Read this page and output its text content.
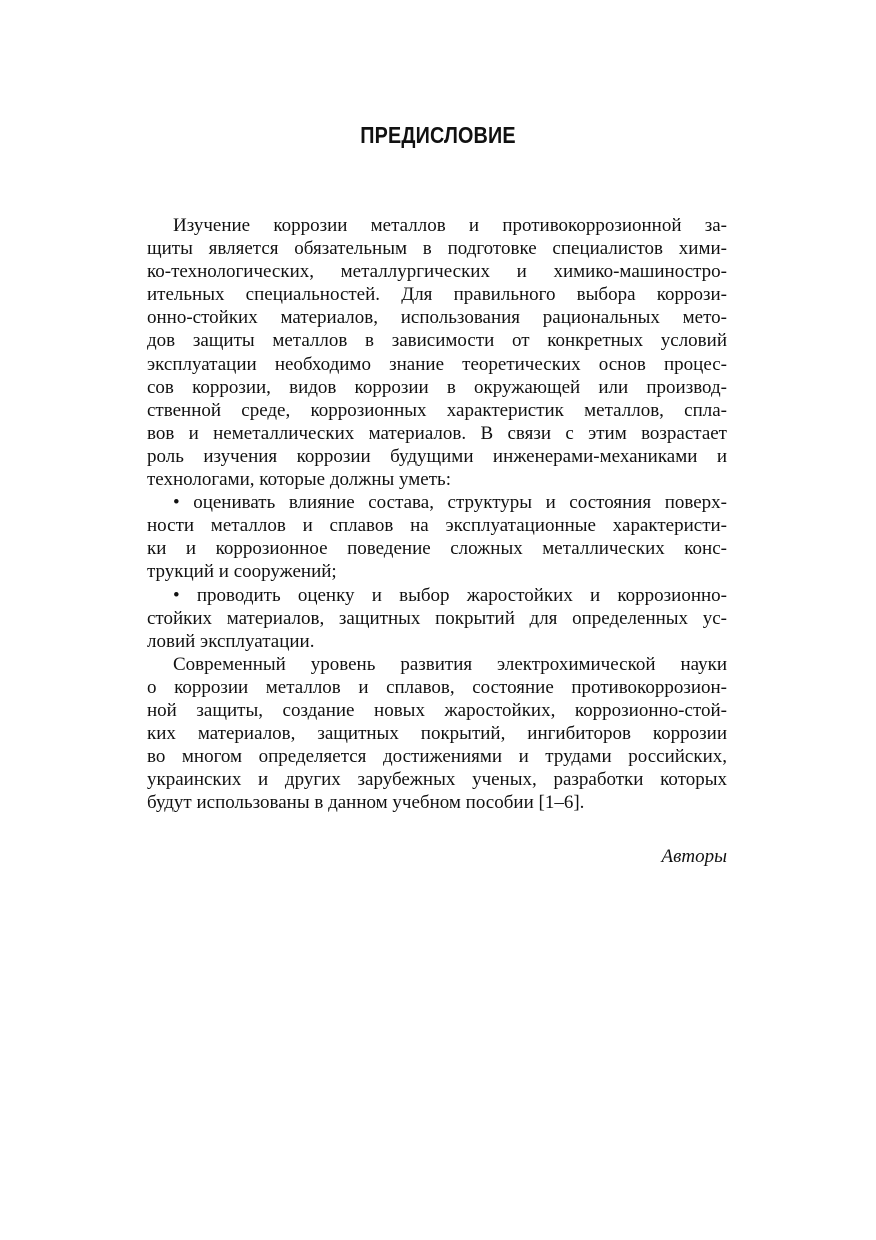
ПРЕДИСЛОВИЕ
Изучение коррозии металлов и противокоррозионной за-
щиты является обязательным в подготовке специалистов хими-
ко-технологических, металлургических и химико-машиностро-
ительных специальностей. Для правильного выбора коррози-
онно-стойких материалов, использования рациональных мето-
дов защиты металлов в зависимости от конкретных условий
эксплуатации необходимо знание теоретических основ процес-
сов коррозии, видов коррозии в окружающей или производ-
ственной среде, коррозионных характеристик металлов, спла-
вов и неметаллических материалов. В связи с этим возрастает
роль изучения коррозии будущими инженерами-механиками и
технологами, которые должны уметь:
• оценивать влияние состава, структуры и состояния поверх-
ности металлов и сплавов на эксплуатационные характеристи-
ки и коррозионное поведение сложных металлических конс-
трукций и сооружений;
• проводить оценку и выбор жаростойких и коррозионно-
стойких материалов, защитных покрытий для определенных ус-
ловий эксплуатации.
Современный уровень развития электрохимической науки
о коррозии металлов и сплавов, состояние противокоррозион-
ной защиты, создание новых жаростойких, коррозионно-стой-
ких материалов, защитных покрытий, ингибиторов коррозии
во многом определяется достижениями и трудами российских,
украинских и других зарубежных ученых, разработки которых
будут использованы в данном учебном пособии [1–6].
Авторы
